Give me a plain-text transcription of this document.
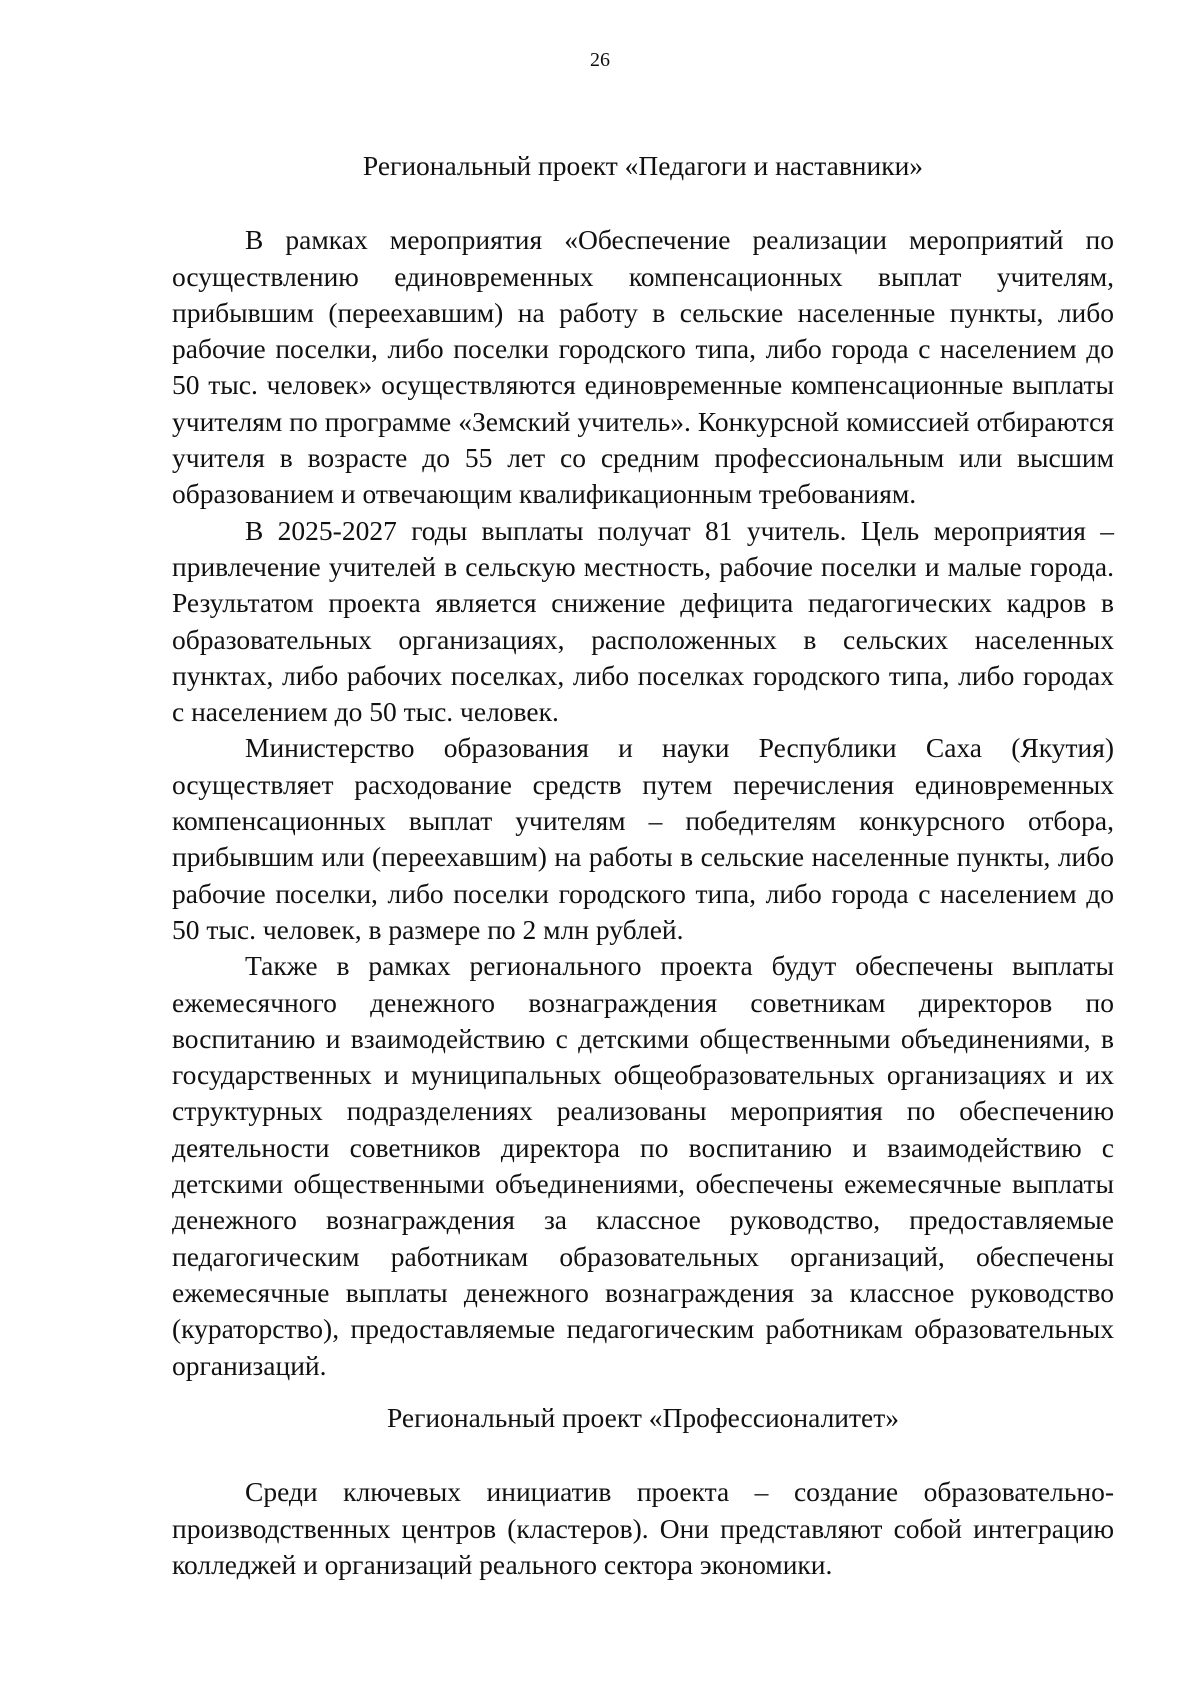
26
Региональный проект «Педагоги и наставники»

В рамках мероприятия «Обеспечение реализации мероприятий по осуществлению единовременных компенсационных выплат учителям, прибывшим (переехавшим) на работу в сельские населенные пункты, либо рабочие поселки, либо поселки городского типа, либо города с населением до 50 тыс. человек» осуществляются единовременные компенсационные выплаты учителям по программе «Земский учитель». Конкурсной комиссией отбираются учителя в возрасте до 55 лет со средним профессиональным или высшим образованием и отвечающим квалификационным требованиям.

В 2025-2027 годы выплаты получат 81 учитель. Цель мероприятия – привлечение учителей в сельскую местность, рабочие поселки и малые города. Результатом проекта является снижение дефицита педагогических кадров в образовательных организациях, расположенных в сельских населенных пунктах, либо рабочих поселках, либо поселках городского типа, либо городах с населением до 50 тыс. человек.

Министерство образования и науки Республики Саха (Якутия) осуществляет расходование средств путем перечисления единовременных компенсационных выплат учителям – победителям конкурсного отбора, прибывшим или (переехавшим) на работы в сельские населенные пункты, либо рабочие поселки, либо поселки городского типа, либо города с населением до 50 тыс. человек, в размере по 2 млн рублей.

Также в рамках регионального проекта будут обеспечены выплаты ежемесячного денежного вознаграждения советникам директоров по воспитанию и взаимодействию с детскими общественными объединениями, в государственных и муниципальных общеобразовательных организациях и их структурных подразделениях реализованы мероприятия по обеспечению деятельности советников директора по воспитанию и взаимодействию с детскими общественными объединениями, обеспечены ежемесячные выплаты денежного вознаграждения за классное руководство, предоставляемые педагогическим работникам образовательных организаций, обеспечены ежемесячные выплаты денежного вознаграждения за классное руководство (кураторство), предоставляемые педагогическим работникам образовательных организаций.

Региональный проект «Профессионалитет»

Среди ключевых инициатив проекта – создание образовательно-производственных центров (кластеров). Они представляют собой интеграцию колледжей и организаций реального сектора экономики.
